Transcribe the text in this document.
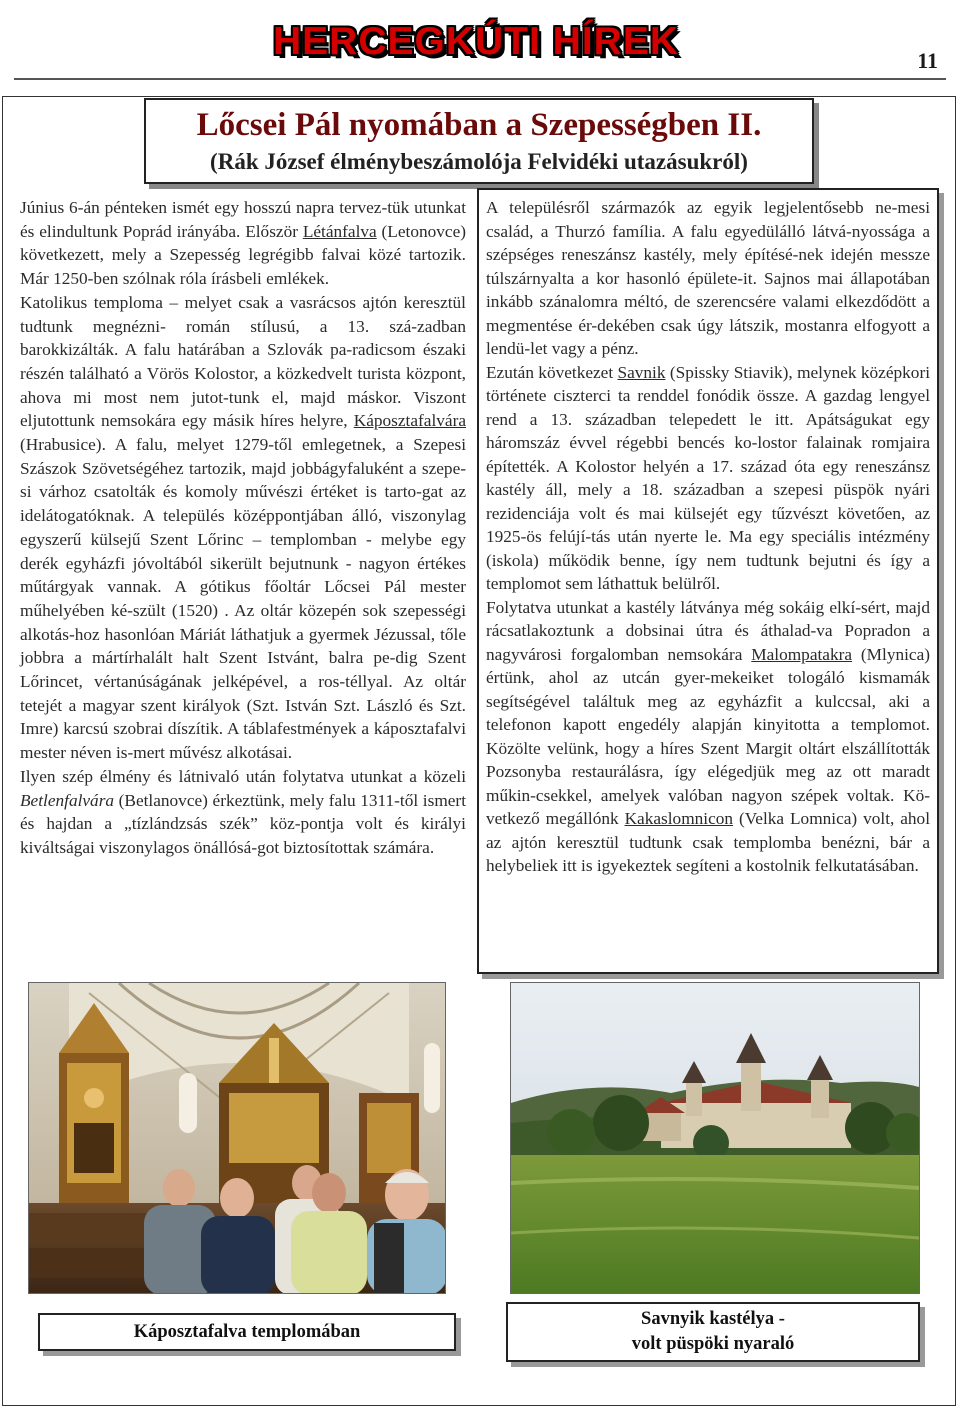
HERCEGKÚTI HÍREK	11
Lőcsei Pál nyomában a Szepességben II.
(Rák József élménybeszámolója Felvidéki utazásukról)

Június 6-án pénteken ismét egy hosszú napra tervez-tük utunkat és elindultunk Poprád irányába. Először Létánfalva (Letonovce) következett, mely a Szepesség legrégibb falvai közé tartozik. Már 1250-ben szólnak róla írásbeli emlékek.

Katolikus temploma – melyet csak a vasrácsos ajtón keresztül tudtunk megnézni- román stílusú, a 13. szá-zadban barokkizálták. A falu határában a Szlovák pa-radicsom északi részén található a Vörös Kolostor, a közkedvelt turista központ, ahova mi most nem jutot-tunk el, majd máskor. Viszont eljutottunk nemsokára egy másik híres helyre, Káposztafalvára (Hrabusice). A falu, melyet 1279-től emlegetnek, a Szepesi Szászok Szövetségéhez tartozik, majd jobbágyfaluként a szepe-si várhoz csatolták és komoly művészi értéket is tarto-gat az idelátogatóknak. A település középpontjában álló, viszonylag egyszerű külsejű Szent Lőrinc – templomban - melybe egy derék egyházfi jóvoltából sikerült bejutnunk - nagyon értékes műtárgyak vannak. A gótikus főoltár Lőcsei Pál mester műhelyében ké-szült (1520) . Az oltár közepén sok szepességi alkotás-hoz hasonlóan Máriát láthatjuk a gyermek Jézussal, tőle jobbra a mártírhalált halt Szent Istvánt, balra pe-dig Szent Lőrincet, vértanúságának jelképével, a ros-téllyal. Az oltár tetejét a magyar szent királyok (Szt. István Szt. László és Szt. Imre) karcsú szobrai díszítik. A táblafestmények a káposztafalvi mester néven is-mert művész alkotásai.

Ilyen szép élmény és látnivaló után folytatva utunkat a közeli Betlenfalvára (Betlanovce) érkeztünk, mely falu 1311-től ismert és hajdan a „tízlándzsás szék” köz-pontja volt és királyi kiváltságai viszonylagos önállósá-got biztosítottak számára.

A településről származók az egyik legjelentősebb ne-mesi család, a Thurzó família. A falu egyedülálló látvá-nyossága a szépséges reneszánsz kastély, mely építésé-nek idején messze túlszárnyalta a kor hasonló épülete-it. Sajnos mai állapotában inkább szánalomra méltó, de szerencsére valami elkezdődött a megmentése ér-dekében csak úgy látszik, mostanra elfogyott a lendü-let vagy a pénz.

Ezután következet Savnik (Spissky Stiavik), melynek középkori története ciszterci ta renddel fonódik össze. A gazdag lengyel rend a 13. században telepedett le itt. Apátságukat egy háromszáz évvel régebbi bencés ko-lostor falainak romjaira építették. A Kolostor helyén a 17. század óta egy reneszánsz kastély áll, mely a 18. században a szepesi püspök nyári rezidenciája volt és mai külsejét egy tűzvészt követően, az 1925-ös felújí-tás után nyerte le. Ma egy speciális intézmény (iskola) működik benne, így nem tudtunk bejutni és így a templomot sem láthattuk belülről.

Folytatva utunkat a kastély látványa még sokáig elkí-sért, majd rácsatlakoztunk a dobsinai útra és áthalad-va Popradon a nagyvárosi forgalomban nemsokára Malompatakra (Mlynica) értünk, ahol az utcán gyer-mekeiket tologáló kismamák segítségével találtuk meg az egyházfit a kulccsal, aki a telefonon kapott engedély alapján kinyitotta a templomot. Közölte velünk, hogy a híres Szent Margit oltárt elszállították Pozsonyba restaurálásra, így elégedjük meg az ott maradt műkin-csekkel, amelyek valóban nagyon szépek voltak. Kö-vetkező megállónk Kakaslomnicon (Velka Lomnica) volt, ahol az ajtón keresztül tudtunk csak templomba benézni, bár a helybeliek itt is igyekeztek segíteni a kostolnik felkutatásában.

Káposztafalva templomában
Savnyik kastélya -
volt püspöki nyaraló
